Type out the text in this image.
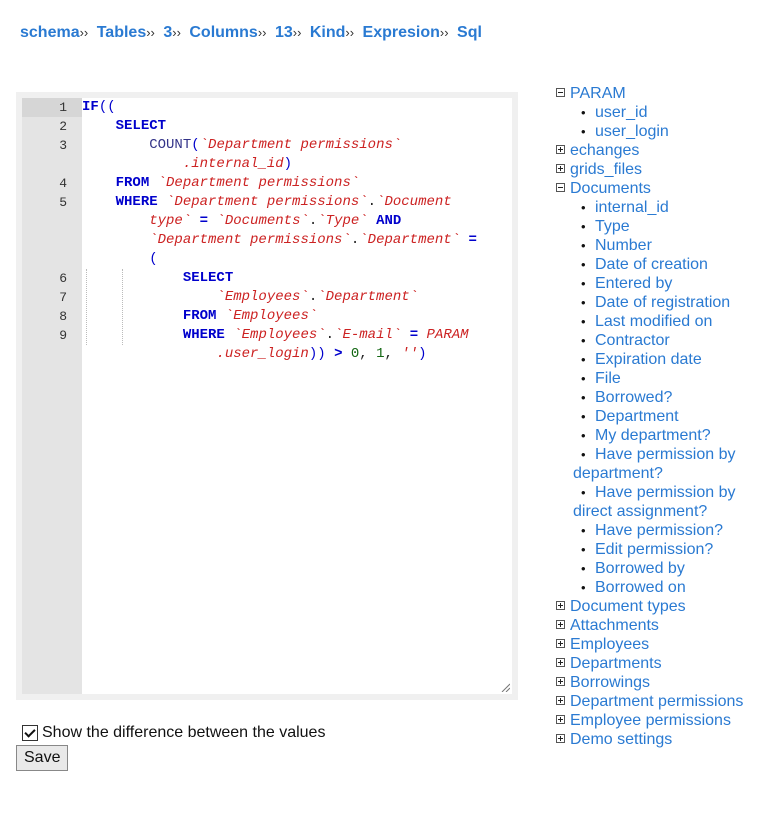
schema›› Tables›› 3›› Columns›› 13›› Kind›› Expresion›› Sql
1
2
3
4
5
6
7
8
9
IF((
SELECT
COUNT(`Department permissions`
.internal_id)
FROM `Department permissions`
WHERE `Department permissions`.`Document
type` = `Documents`.`Type` AND
`Department permissions`.`Department` =
(
SELECT
`Employees`.`Department`
FROM `Employees`
WHERE `Employees`.`E-mail` = PARAM
.user_login)) > 0, 1, '')
Show the difference between the values
Save
PARAM
• user_id
• user_login
echanges
grids_files
Documents
• internal_id
• Type
• Number
• Date of creation
• Entered by
• Date of registration
• Last modified on
• Contractor
• Expiration date
• File
• Borrowed?
• Department
• My department?
• Have permission by department?
• Have permission by direct assignment?
• Have permission?
• Edit permission?
• Borrowed by
• Borrowed on
Document types
Attachments
Employees
Departments
Borrowings
Department permissions
Employee permissions
Demo settings
